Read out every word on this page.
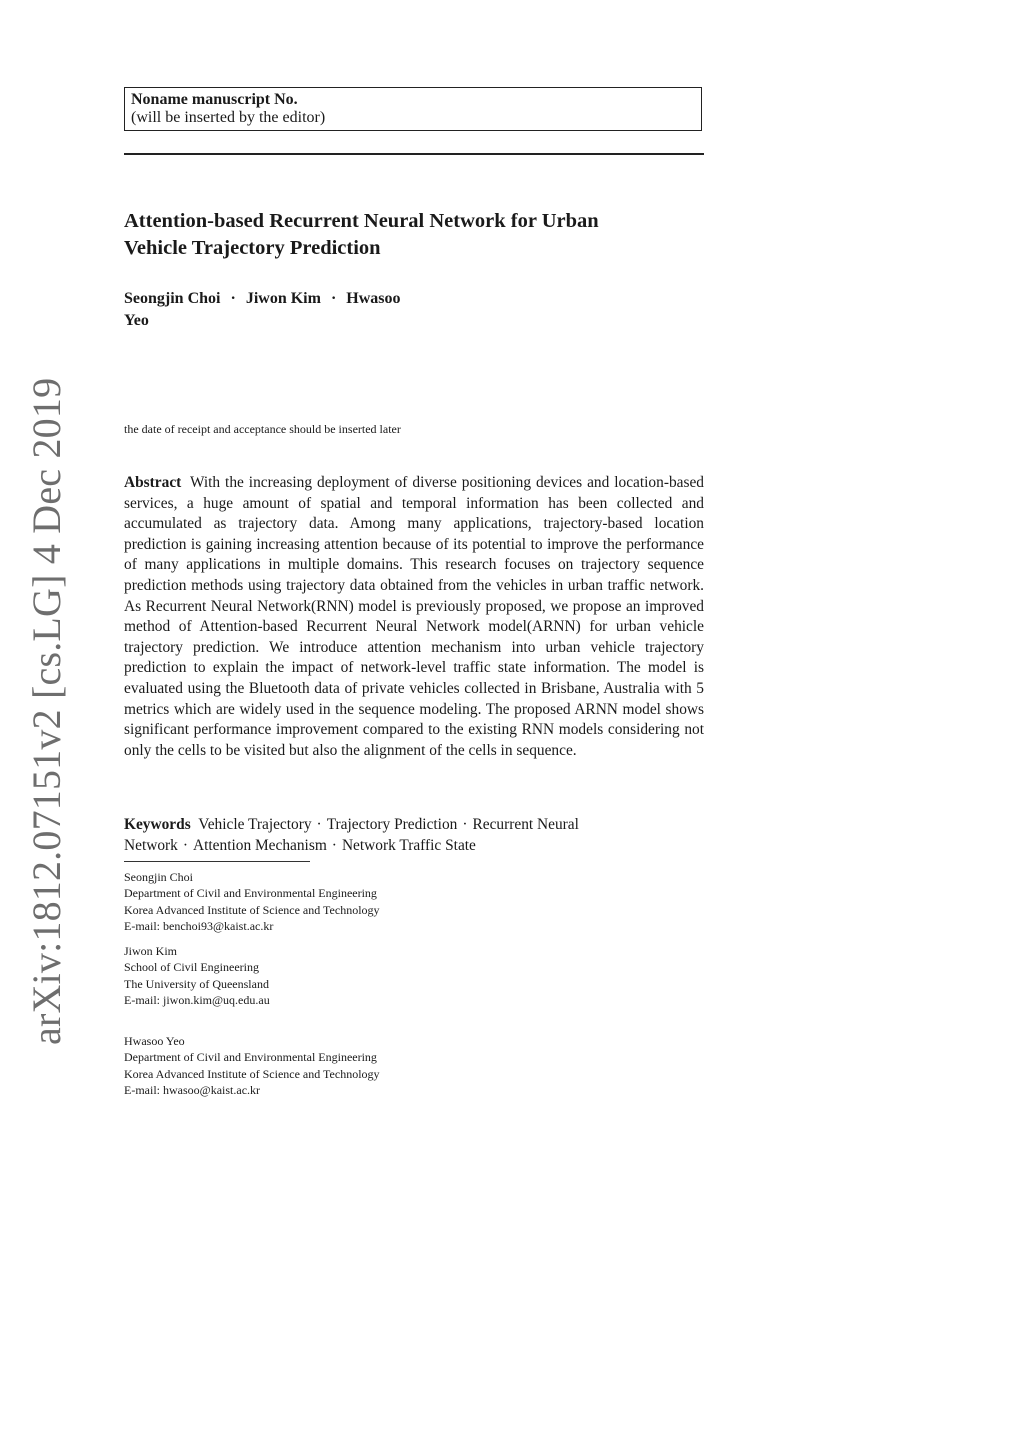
arXiv:1812.07151v2 [cs.LG] 4 Dec 2019
Noname manuscript No.
(will be inserted by the editor)
Attention-based Recurrent Neural Network for Urban
Vehicle Trajectory Prediction
Seongjin Choi · Jiwon Kim · Hwasoo
Yeo
the date of receipt and acceptance should be inserted later
Abstract With the increasing deployment of diverse positioning devices and location-based services, a huge amount of spatial and temporal information has been collected and accumulated as trajectory data. Among many applications, trajectory-based location prediction is gaining increasing attention because of its potential to improve the performance of many applications in multiple domains. This research focuses on trajectory sequence prediction methods using trajectory data obtained from the vehicles in urban traffic network. As Recurrent Neural Network(RNN) model is previously proposed, we propose an improved method of Attention-based Recurrent Neural Network model(ARNN) for urban vehicle trajectory prediction. We introduce attention mechanism into urban vehicle trajectory prediction to explain the impact of network-level traffic state information. The model is evaluated using the Bluetooth data of private vehicles collected in Brisbane, Australia with 5 metrics which are widely used in the sequence modeling. The proposed ARNN model shows significant performance improvement compared to the existing RNN models considering not only the cells to be visited but also the alignment of the cells in sequence.
Keywords Vehicle Trajectory · Trajectory Prediction · Recurrent Neural Network · Attention Mechanism · Network Traffic State
Seongjin Choi
Department of Civil and Environmental Engineering
Korea Advanced Institute of Science and Technology
E-mail: benchoi93@kaist.ac.kr
Jiwon Kim
School of Civil Engineering
The University of Queensland
E-mail: jiwon.kim@uq.edu.au
Hwasoo Yeo
Department of Civil and Environmental Engineering
Korea Advanced Institute of Science and Technology
E-mail: hwasoo@kaist.ac.kr
